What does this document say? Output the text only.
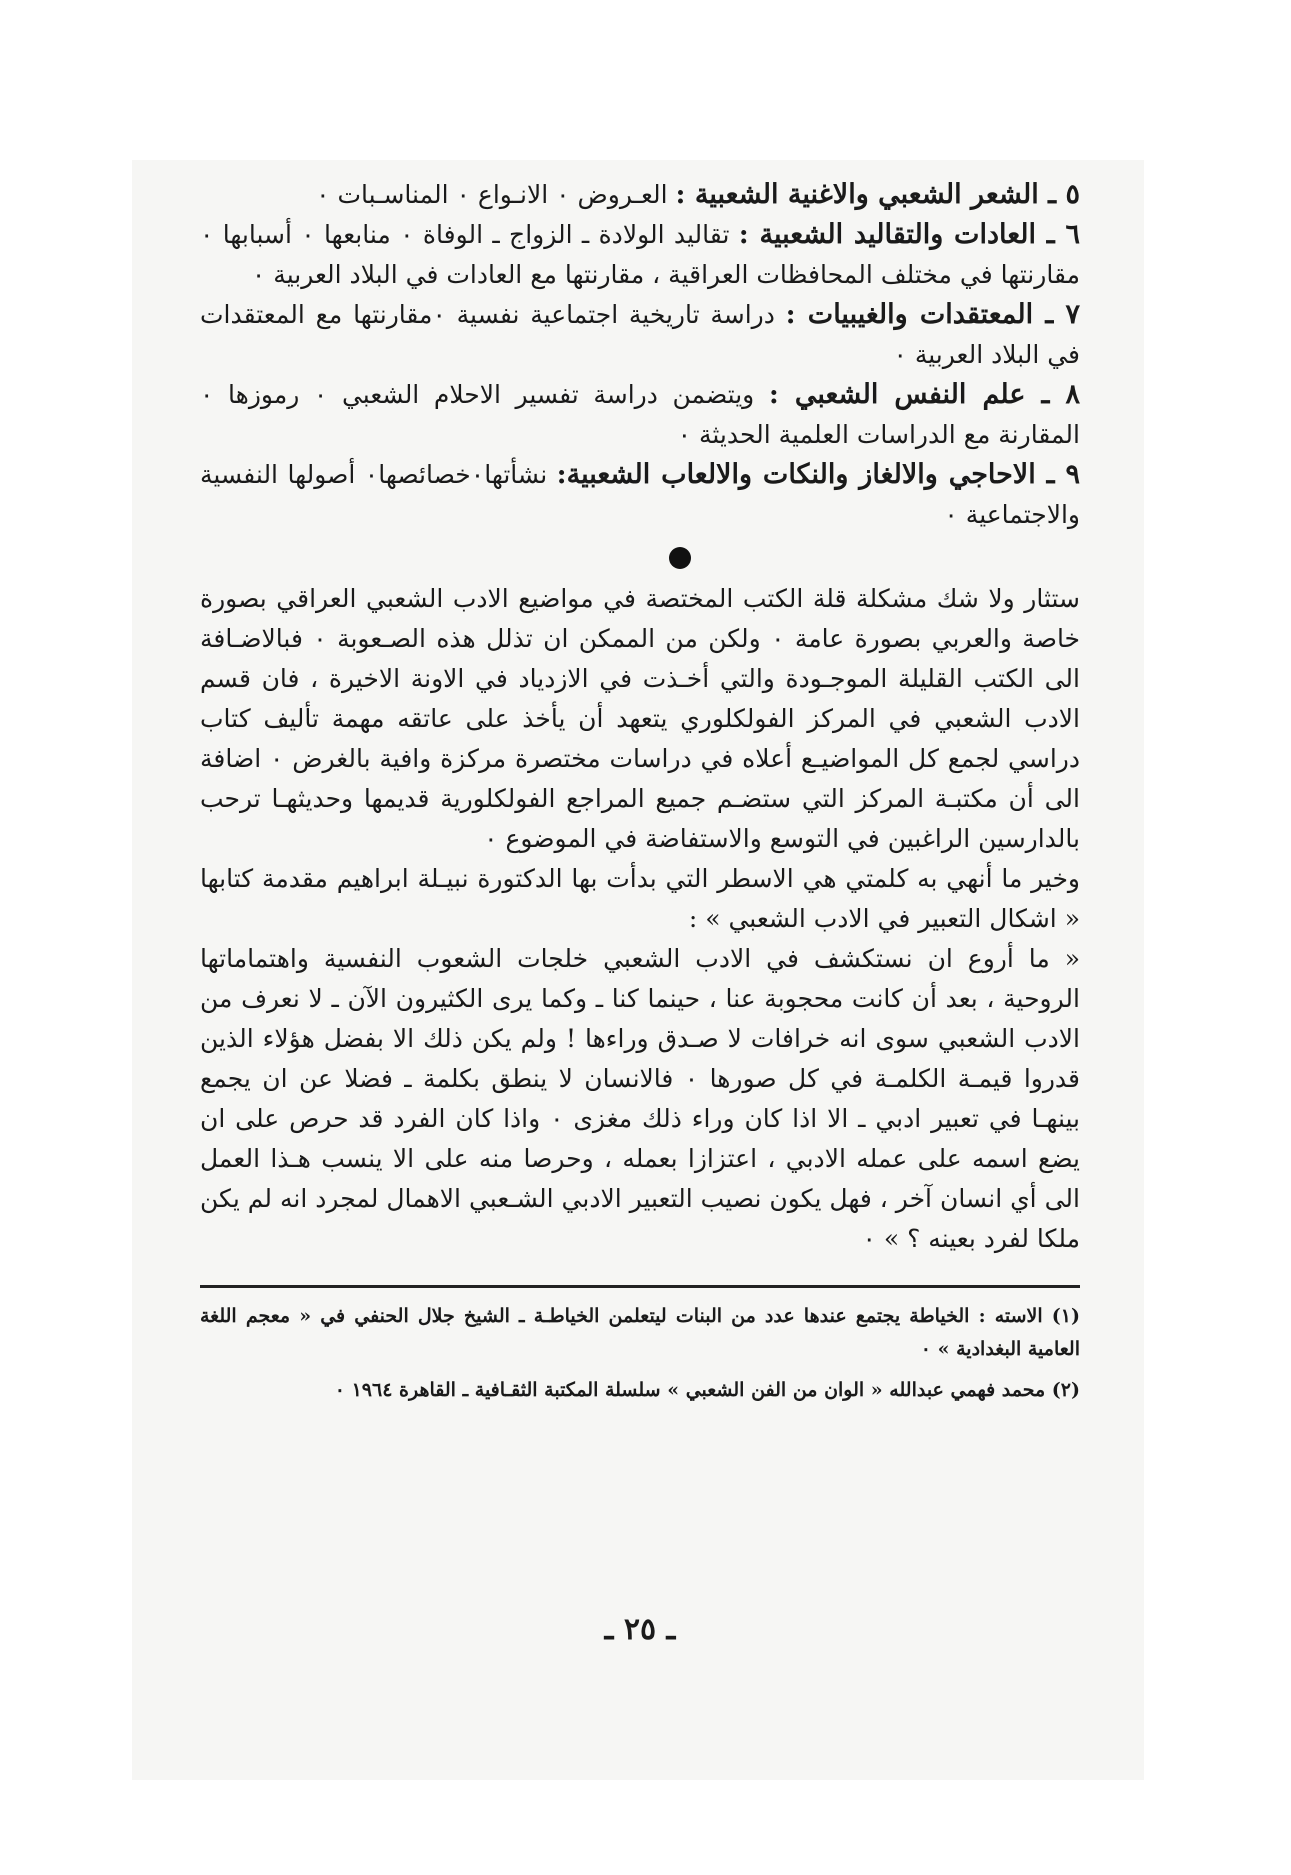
٥ ـ الشعر الشعبي والاغنية الشعبية : العـروض ٠ الانـواع ٠ المناسـبات ٠

٦ ـ العادات والتقاليد الشعبية : تقاليد الولادة ـ الزواج ـ الوفاة ٠ منابعها ٠ أسبابها ٠ مقارنتها في مختلف المحافظات العراقية ، مقارنتها مع العادات في البلاد العربية ٠

٧ ـ المعتقدات والغيبيات : دراسة تاريخية اجتماعية نفسية ٠مقارنتها مع المعتقدات في البلاد العربية ٠

٨ ـ علم النفس الشعبي : ويتضمن دراسة تفسير الاحلام الشعبي ٠ رموزها ٠ المقارنة مع الدراسات العلمية الحديثة ٠

٩ ـ الاحاجي والالغاز والنكات والالعاب الشعبية: نشأتها٠خصائصها٠ أصولها النفسية والاجتماعية ٠

ستثار ولا شك مشكلة قلة الكتب المختصة في مواضيع الادب الشعبي العراقي بصورة خاصة والعربي بصورة عامة ٠ ولكن من الممكن ان تذلل هذه الصـعوبة ٠ فبالاضـافة الى الكتب القليلة الموجـودة والتي أخـذت في الازدياد في الاونة الاخيرة ، فان قسم الادب الشعبي في المركز الفولكلوري يتعهد أن يأخذ على عاتقه مهمة تأليف كتاب دراسي لجمع كل المواضيـع أعلاه في دراسات مختصرة مركزة وافية بالغرض ٠ اضافة الى أن مكتبـة المركز التي ستضـم جميع المراجع الفولكلورية قديمها وحديثهـا ترحب بالدارسين الراغبين في التوسع والاستفاضة في الموضوع ٠

وخير ما أنهي به كلمتي هي الاسطر التي بدأت بها الدكتورة نبيـلة ابراهيم مقدمة كتابها « اشكال التعبير في الادب الشعبي » :

« ما أروع ان نستكشف في الادب الشعبي خلجات الشعوب النفسية واهتماماتها الروحية ، بعد أن كانت محجوبة عنا ، حينما كنا ـ وكما يرى الكثيرون الآن ـ لا نعرف من الادب الشعبي سوى انه خرافات لا صـدق وراءها ! ولم يكن ذلك الا بفضل هؤلاء الذين قدروا قيمـة الكلمـة في كل صورها ٠ فالانسان لا ينطق بكلمة ـ فضلا عن ان يجمع بينهـا في تعبير ادبي ـ الا اذا كان وراء ذلك مغزى ٠ واذا كان الفرد قد حرص على ان يضع اسمه على عمله الادبي ، اعتزازا بعمله ، وحرصا منه على الا ينسب هـذا العمل الى أي انسان آخر ، فهل يكون نصيب التعبير الادبي الشـعبي الاهمال لمجرد انه لم يكن ملكا لفرد بعينه ؟ » ٠

(١) الاسته : الخياطة يجتمع عندها عدد من البنات ليتعلمن الخياطـة ـ الشيخ جلال الحنفي في « معجم اللغة العامية البغدادية » ٠

(٢) محمد فهمي عبدالله « الوان من الفن الشعبي » سلسلة المكتبة الثقـافية ـ القاهرة ١٩٦٤ ٠

ـ ٢٥ ـ
